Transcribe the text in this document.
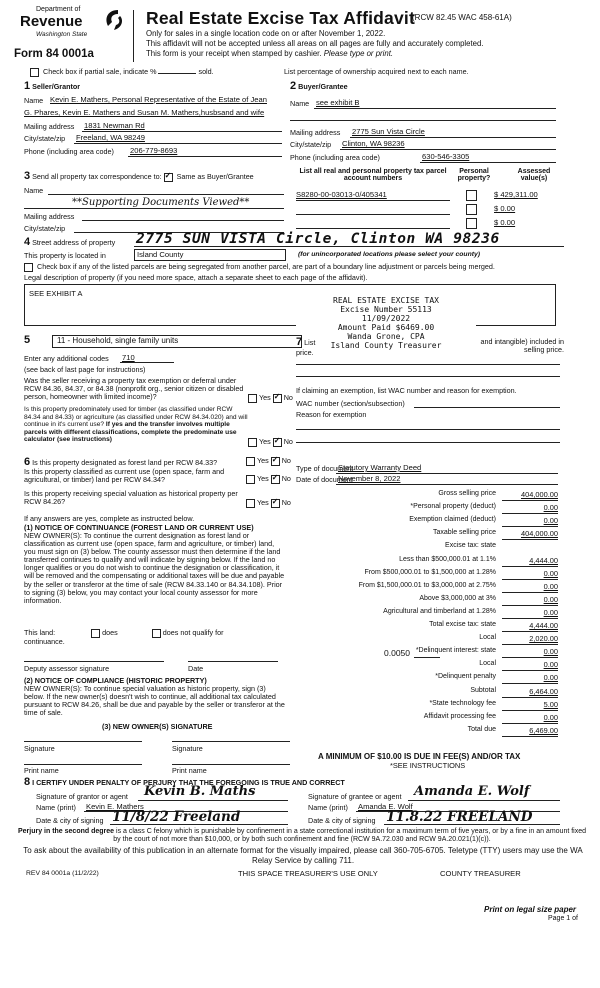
Department of
Revenue
Washington State
Form 84 0001a
Real Estate Excise Tax Affidavit
(RCW 82.45 WAC 458-61A)
Only for sales in a single location code on or after November 1, 2022.
This affidavit will not be accepted unless all areas on all pages are fully and accurately completed.
This form is your receipt when stamped by cashier. Please type or print.
Check box if partial sale, indicate %	sold.	List percentage of ownership acquired next to each name.
1 Seller/Grantor
Name Kevin E. Mathers, Personal Representative of the Estate of Jean
G. Phares, Kevin E. Mathers and Susan M. Mathers,husbsand and wife
Mailing address 1831 Newman Rd
City/state/zip Freeland, WA 98249
Phone (including area code) 206-779-8693
2 Buyer/Grantee
Name see exhibit B
Mailing address 2775 Sun Vista Circle
City/state/zip Clinton, WA 98236
Phone (including area code)	630-546-3305
3 Send all property tax correspondence to: ✓ Same as Buyer/Grantee
Name
**Supporting Documents Viewed**
Mailing address
City/state/zip
List all real and personal property tax parcel account numbers
Personal property?
Assessed value(s)
S8280-00-03013-0/405341	$ 429,311.00
$ 0.00
$ 0.00
4 Street address of property 2775 SUN VISTA Circle, Clinton WA 98236
This property is located in	Island County	(for unincorporated locations please select your county)
Check box if any of the listed parcels are being segregated from another parcel, are part of a boundary line adjustment or parcels being merged.
Legal description of property (if you need more space, attach a separate sheet to each page of the affidavit).
SEE EXHIBIT A
REAL ESTATE EXCISE TAX
Excise Number 55113
11/09/2022
Amount Paid $6469.00
Wanda Grone, CPA
Island County Treasurer
5	11 - Household, single family units
Enter any additional codes 710
(see back of last page for instructions)
Was the seller receiving a property tax exemption or deferral under RCW 84.36, 84.37, or 84.38 (nonprofit org., senior citizen or disabled person, homeowner with limited income)?	Yes ✓ No
Is this property predominately used for timber (as classified under RCW 84.34 and 84.33) or agriculture (as classified under RCW 84.34.020) and will continue in it's current use? If yes and the transfer involves multiple parcels with different classifications, complete the predominate use calculator (see instructions)	Yes ✓ No
7 List	and intangible) included in selling price.
price.
If claiming an exemption, list WAC number and reason for exemption.
WAC number (section/subsection)
Reason for exemption
6 Is this property designated as forest land per RCW 84.33?	Yes ✓ No
Is this property classified as current use (open space, farm and agricultural, or timber) land per RCW 84.34?	Yes ✓ No
Is this property receiving special valuation as historical property per RCW 84.26?	Yes ✓ No
If any answers are yes, complete as instructed below.
(1) NOTICE OF CONTINUANCE (FOREST LAND OR CURRENT USE)
NEW OWNER(S): To continue the current designation as forest land or classification as current use (open space, farm and agriculture, or timber) land, you must sign on (3) below. The county assessor must then determine if the land transferred continues to qualify and will indicate by signing below. If the land no longer qualifies or you do not wish to continue the designation or classification, it will be removed and the compensating or additional taxes will be due and payable by the seller or transferor at the time of sale (RCW 84.33.140 or 84.34.108). Prior to signing (3) below, you may contact your local county assessor for more information.
This land:	does	does not qualify for
continuance.
Deputy assessor signature	Date
(2) NOTICE OF COMPLIANCE (HISTORIC PROPERTY)
NEW OWNER(S): To continue special valuation as historic property, sign (3) below. If the new owner(s) doesn't wish to continue, all additional tax calculated pursuant to RCW 84.26, shall be due and payable by the seller or transferor at the time of sale.
(3) NEW OWNER(S) SIGNATURE
Signature	Signature
Print name	Print name
Type of document
Statutory Warranty Deed
Date of document
November 8, 2022
Gross selling price	404,000.00
*Personal property (deduct)	0.00
Exemption claimed (deduct)	0.00
Taxable selling price	404,000.00
Excise tax: state
Less than $500,000.01 at 1.1%	4,444.00
From $500,000.01 to $1,500,000 at 1.28%	0.00
From $1,500,000.01 to $3,000,000 at 2.75%	0.00
Above $3,000,000 at 3%	0.00
Agricultural and timberland at 1.28%	0.00
Total excise tax: state	4,444.00
Local	2,020.00
*Delinquent interest: state	0.00
Local	0.00
*Delinquent penalty	0.00
Subtotal	6,464.00
*State technology fee	5.00
Affidavit processing fee	0.00
Total due	6,469.00
0.0050
A MINIMUM OF $10.00 IS DUE IN FEE(S) AND/OR TAX
*SEE INSTRUCTIONS
8 I CERTIFY UNDER PENALTY OF PERJURY THAT THE FOREGOING IS TRUE AND CORRECT
Signature of grantor or agent Kevin B. Maths
Name (print) Kevin E. Mathers
Date & city of signing 11/8/22 Freeland
Signature of grantee or agent Amanda E. Wolf
Name (print) Amanda E. Wolf
Date & city of signing 11.8.22 FREELAND
Perjury in the second degree is a class C felony which is punishable by confinement in a state correctional institution for a maximum term of five years, or by a fine in an amount fixed by the court of not more than $10,000, or by both such confinement and fine (RCW 9A.72.030 and RCW 9A.20.021(1)(c)).
To ask about the availability of this publication in an alternate format for the visually impaired, please call 360-705-6705. Teletype (TTY) users may use the WA Relay Service by calling 711.
REV 84 0001a (11/2/22)	THIS SPACE TREASURER'S USE ONLY	COUNTY TREASURER
Print on legal size paper
Page 1 of
